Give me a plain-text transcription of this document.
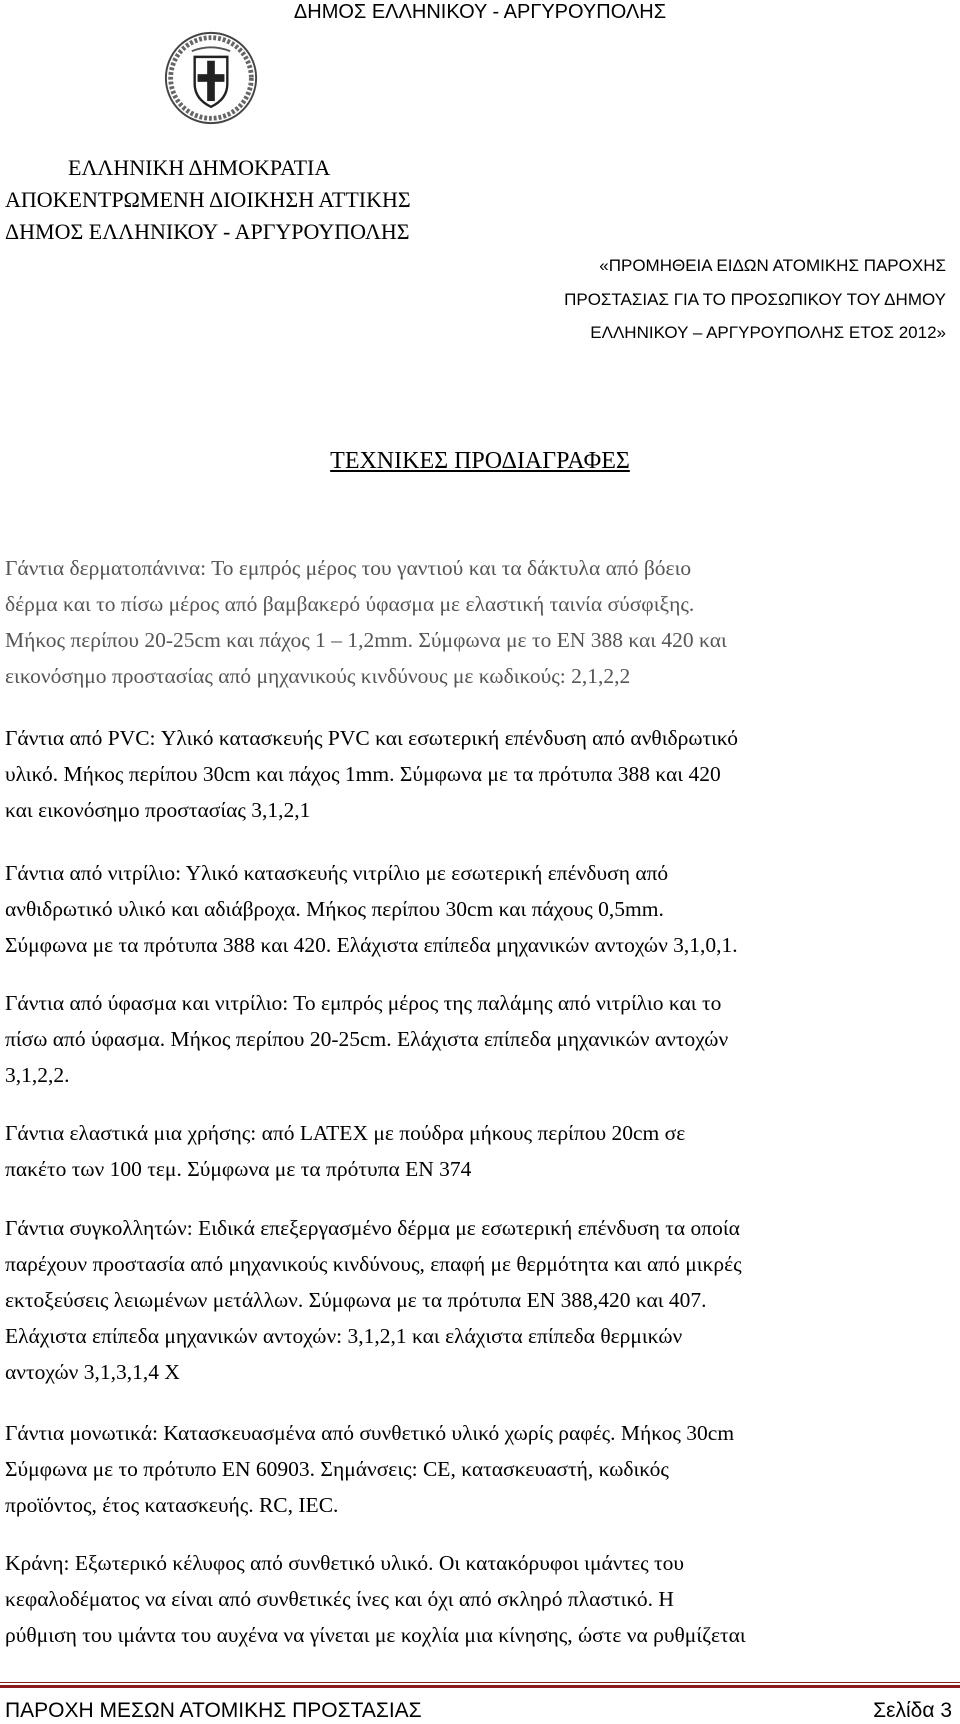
ΔΗΜΟΣ ΕΛΛΗΝΙΚΟΥ - ΑΡΓΥΡΟΥΠΟΛΗΣ
ΕΛΛΗΝΙΚΗ ΔΗΜΟΚΡΑΤΙΑ
ΑΠΟΚΕΝΤΡΩΜΕΝΗ ΔΙΟΙΚΗΣΗ ΑΤΤΙΚΗΣ
ΔΗΜΟΣ ΕΛΛΗΝΙΚΟΥ - ΑΡΓΥΡΟΥΠΟΛΗΣ
«ΠΡΟΜΗΘΕΙΑ ΕΙΔΩΝ ΑΤΟΜΙΚΗΣ ΠΑΡΟΧΗΣ
ΠΡΟΣΤΑΣΙΑΣ ΓΙΑ ΤΟ ΠΡΟΣΩΠΙΚΟΥ ΤΟΥ ΔΗΜΟΥ
ΕΛΛΗΝΙΚΟΥ – ΑΡΓΥΡΟΥΠΟΛΗΣ ΕΤΟΣ 2012»
ΤΕΧΝΙΚΕΣ ΠΡΟΔΙΑΓΡΑΦΕΣ
Γάντια δερματοπάνινα: Το εμπρός μέρος του γαντιού και τα δάκτυλα από βόειο
δέρμα και το πίσω μέρος από βαμβακερό ύφασμα με ελαστική ταινία σύσφιξης.
Μήκος περίπου 20-25cm και πάχος 1 – 1,2mm. Σύμφωνα με το EN 388 και 420 και
εικονόσημο προστασίας από μηχανικούς κινδύνους με κωδικούς: 2,1,2,2
Γάντια από PVC: Υλικό κατασκευής PVC και εσωτερική επένδυση από ανθιδρωτικό
υλικό. Μήκος περίπου 30cm και πάχος 1mm. Σύμφωνα με τα πρότυπα 388 και 420
και εικονόσημο προστασίας 3,1,2,1
Γάντια από νιτρίλιο: Υλικό κατασκευής νιτρίλιο με εσωτερική επένδυση από
ανθιδρωτικό υλικό και αδιάβροχα. Μήκος περίπου 30cm και πάχους 0,5mm.
Σύμφωνα με τα πρότυπα 388 και 420. Ελάχιστα επίπεδα μηχανικών αντοχών 3,1,0,1.
Γάντια από ύφασμα και νιτρίλιο: Το εμπρός μέρος της παλάμης από νιτρίλιο και το
πίσω από ύφασμα. Μήκος περίπου 20-25cm. Ελάχιστα επίπεδα μηχανικών αντοχών
3,1,2,2.
Γάντια ελαστικά μια χρήσης: από LATEX με πούδρα μήκους περίπου 20cm σε
πακέτο των 100 τεμ. Σύμφωνα με τα πρότυπα EN 374
Γάντια συγκολλητών: Ειδικά επεξεργασμένο δέρμα με εσωτερική επένδυση τα οποία
παρέχουν προστασία από μηχανικούς κινδύνους, επαφή με θερμότητα και από μικρές
εκτοξεύσεις λειωμένων μετάλλων. Σύμφωνα με τα πρότυπα EN 388,420 και 407.
Ελάχιστα επίπεδα μηχανικών αντοχών: 3,1,2,1 και ελάχιστα επίπεδα θερμικών
αντοχών 3,1,3,1,4 X
Γάντια μονωτικά: Κατασκευασμένα από συνθετικό υλικό χωρίς ραφές. Μήκος 30cm
Σύμφωνα με το πρότυπο EN 60903. Σημάνσεις: CE, κατασκευαστή, κωδικός
προϊόντος, έτος κατασκευής. RC, IEC.
Κράνη: Εξωτερικό κέλυφος από συνθετικό υλικό. Οι κατακόρυφοι ιμάντες του
κεφαλοδέματος να είναι από συνθετικές ίνες και όχι από σκληρό πλαστικό. Η
ρύθμιση του ιμάντα του αυχένα να γίνεται με κοχλία μια κίνησης, ώστε να ρυθμίζεται
ΠΑΡΟΧΗ ΜΕΣΩΝ ΑΤΟΜΙΚΗΣ ΠΡΟΣΤΑΣΙΑΣ	Σελίδα 3
